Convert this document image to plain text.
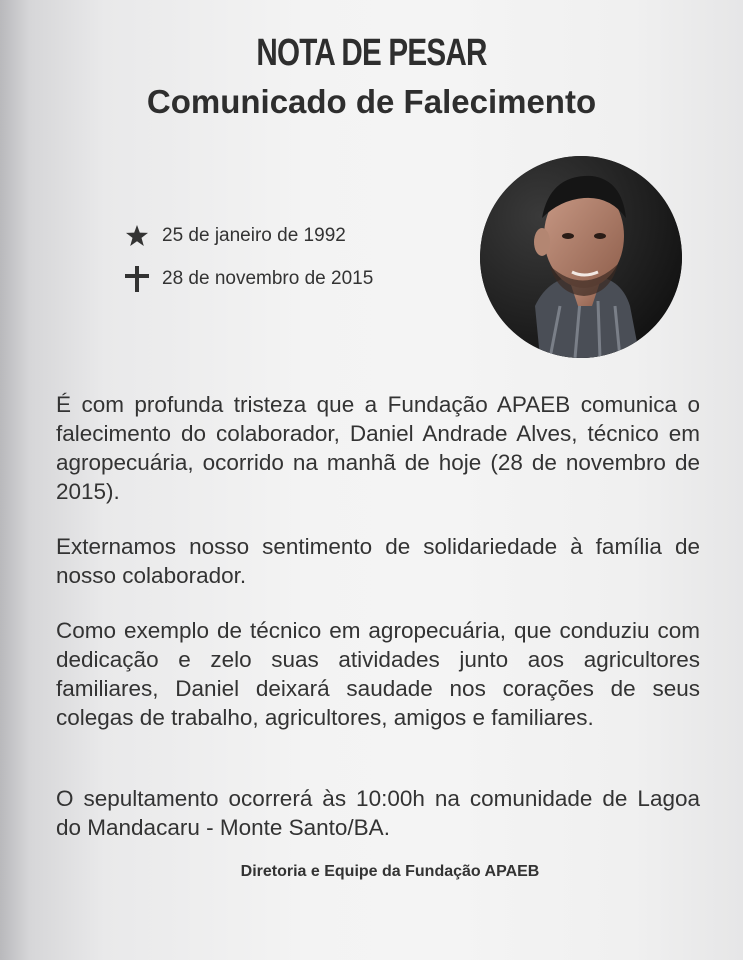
NOTA DE PESAR
Comunicado de Falecimento
25 de janeiro de 1992
28 de novembro de 2015
É com profunda tristeza que a Fundação APAEB comunica o falecimento do colaborador, Daniel Andrade Alves, técnico em agropecuária, ocorrido na manhã de hoje (28 de novembro de 2015).
Externamos nosso sentimento de solidariedade à família de nosso colaborador.
Como exemplo de técnico em agropecuária, que conduziu com dedicação e zelo suas atividades junto aos agricultores familiares, Daniel deixará saudade nos corações de seus colegas de trabalho, agricultores, amigos e familiares.
O sepultamento ocorrerá às 10:00h na comunidade de Lagoa do Mandacaru - Monte Santo/BA.
Diretoria e Equipe da Fundação APAEB
